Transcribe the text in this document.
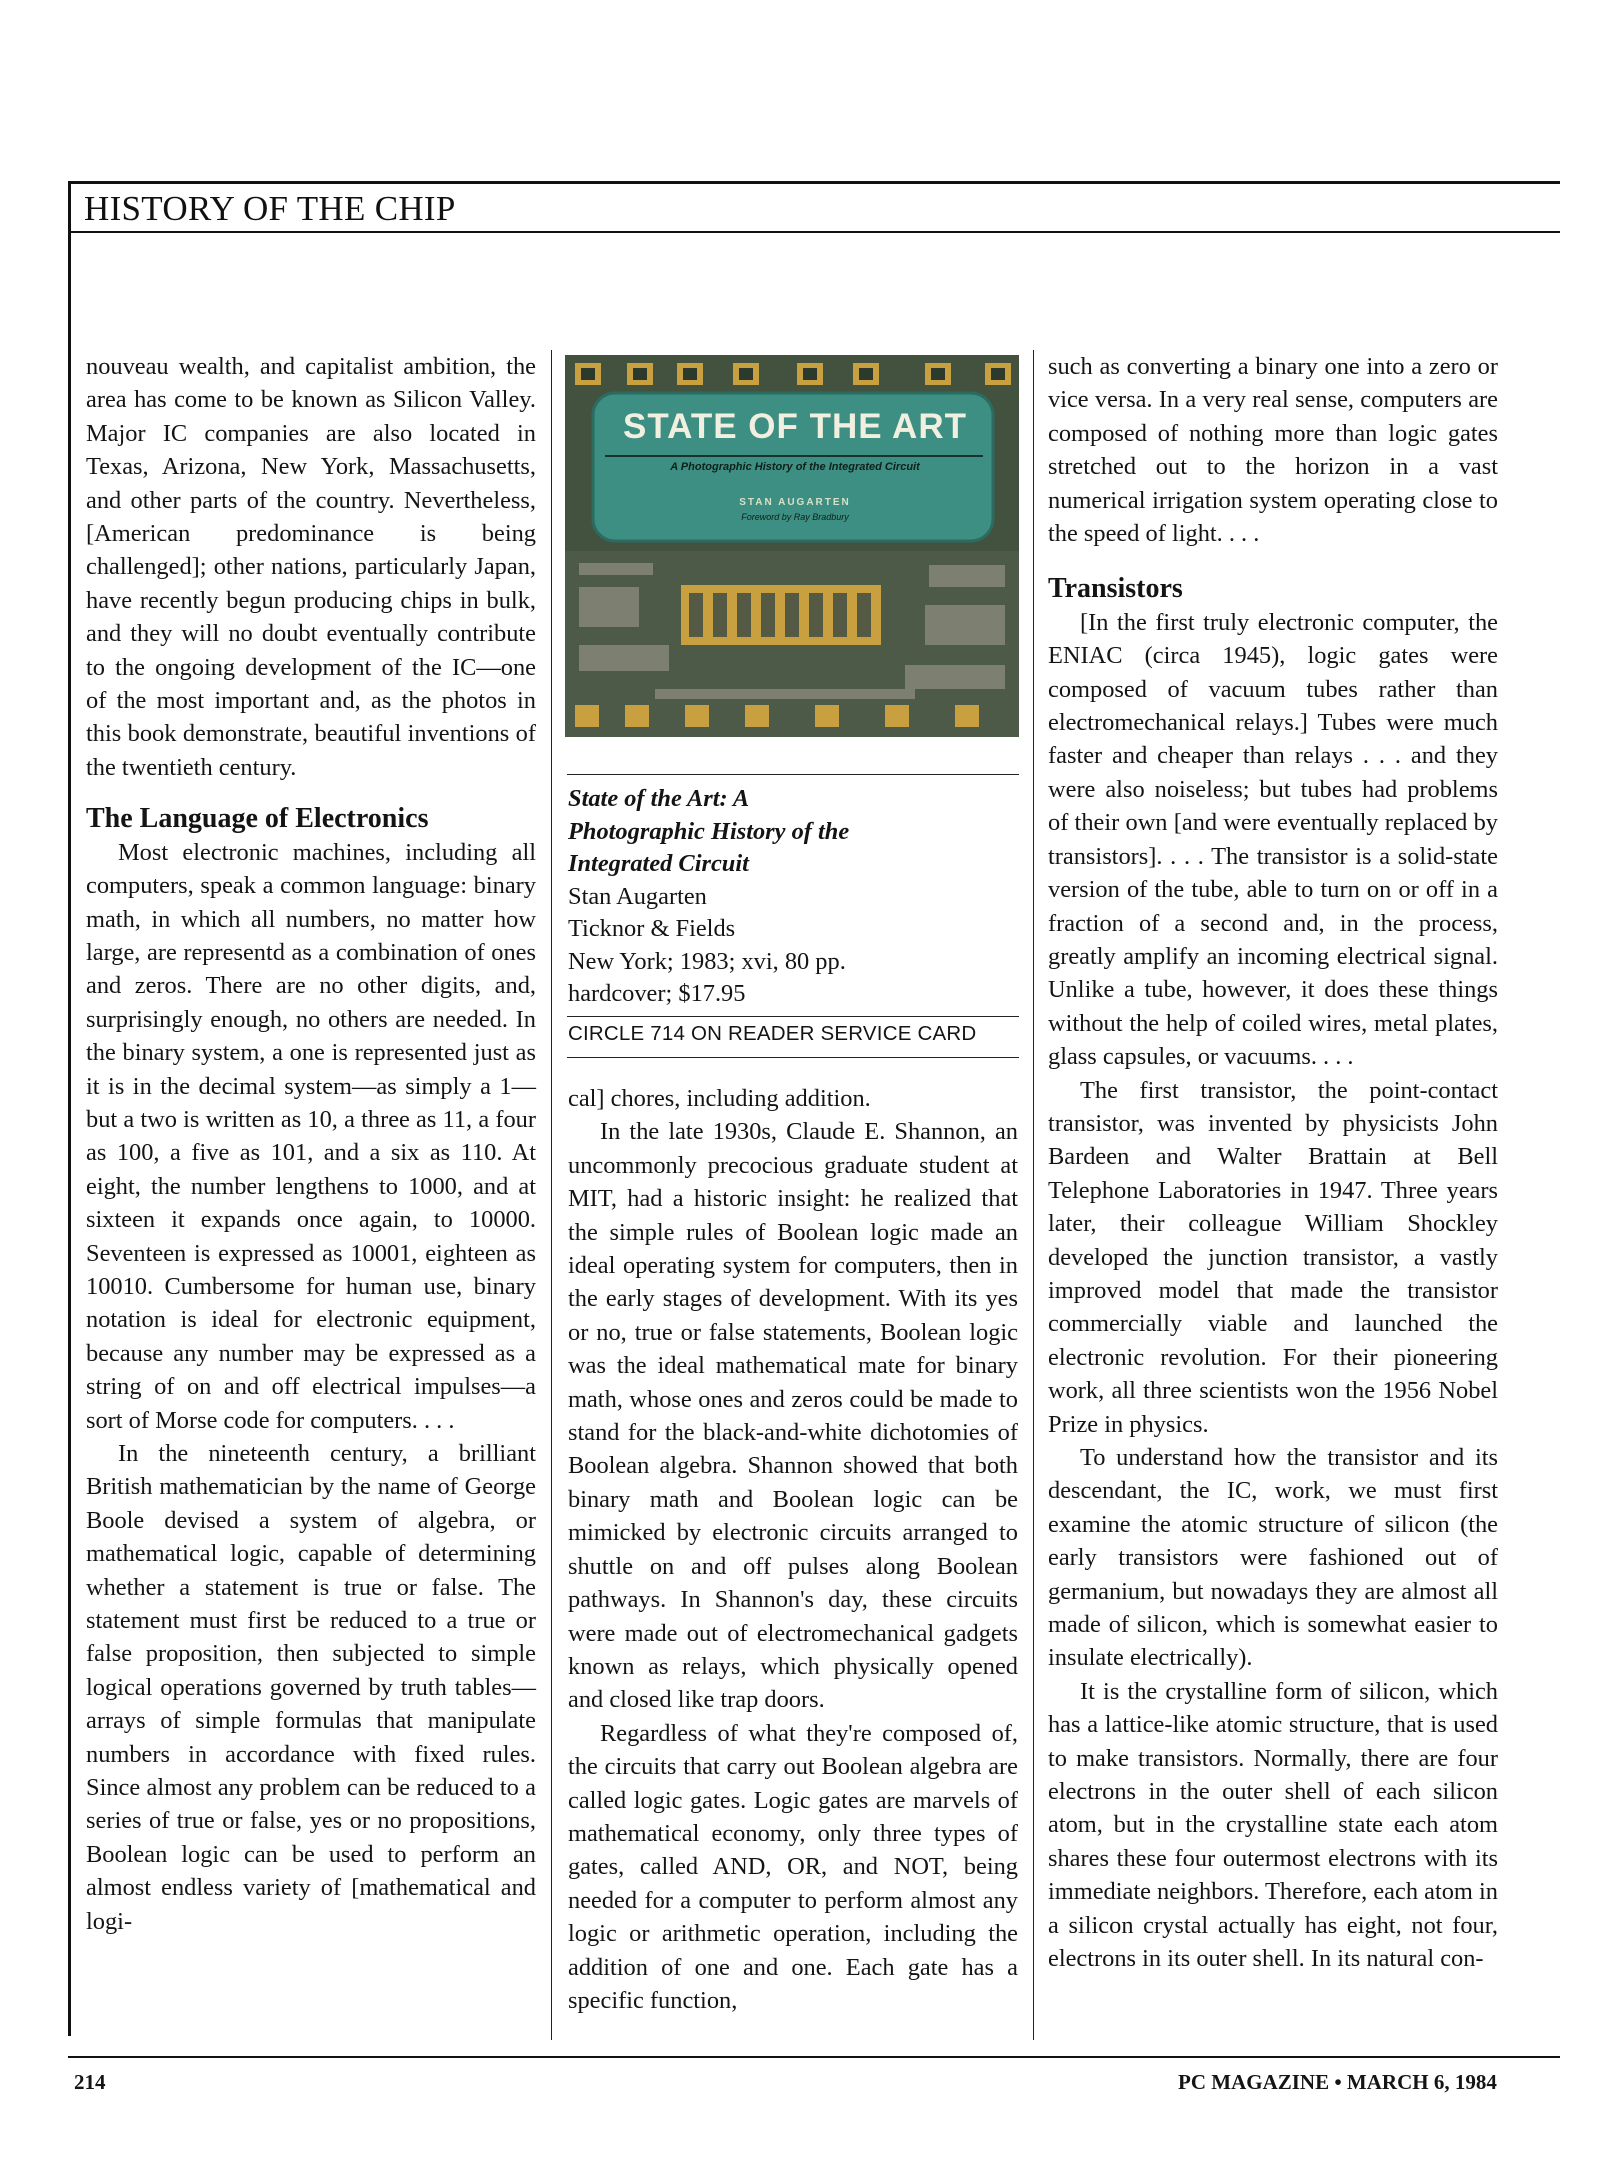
HISTORY OF THE CHIP

nouveau wealth, and capitalist ambition, the area has come to be known as Silicon Valley. Major IC companies are also located in Texas, Arizona, New York, Massachusetts, and other parts of the country. Nevertheless, [American predominance is being challenged]; other nations, particularly Japan, have recently begun producing chips in bulk, and they will no doubt eventually contribute to the ongoing development of the IC—one of the most important and, as the photos in this book demonstrate, beautiful inventions of the twentieth century.

The Language of Electronics

Most electronic machines, including all computers, speak a common language: binary math, in which all numbers, no matter how large, are representd as a combination of ones and zeros. There are no other digits, and, surprisingly enough, no others are needed. In the binary system, a one is represented just as it is in the decimal system—as simply a 1—but a two is written as 10, a three as 11, a four as 100, a five as 101, and a six as 110. At eight, the number lengthens to 1000, and at sixteen it expands once again, to 10000. Seventeen is expressed as 10001, eighteen as 10010. Cumbersome for human use, binary notation is ideal for electronic equipment, because any number may be expressed as a string of on and off electrical impulses—a sort of Morse code for computers. . . .

In the nineteenth century, a brilliant British mathematician by the name of George Boole devised a system of algebra, or mathematical logic, capable of determining whether a statement is true or false. The statement must first be reduced to a true or false proposition, then subjected to simple logical operations governed by truth tables—arrays of simple formulas that manipulate numbers in accordance with fixed rules. Since almost any problem can be reduced to a series of true or false, yes or no propositions, Boolean logic can be used to perform an almost endless variety of [mathematical and logi-

STATE OF THE ART
A Photographic History of the Integrated Circuit
STAN AUGARTEN
Foreword by Ray Bradbury
State of the Art: A
Photographic History of the
Integrated Circuit
Stan Augarten
Ticknor & Fields
New York; 1983; xvi, 80 pp.
hardcover; $17.95
CIRCLE 714 ON READER SERVICE CARD

cal] chores, including addition.

In the late 1930s, Claude E. Shannon, an uncommonly precocious graduate student at MIT, had a historic insight: he realized that the simple rules of Boolean logic made an ideal operating system for computers, then in the early stages of development. With its yes or no, true or false statements, Boolean logic was the ideal mathematical mate for binary math, whose ones and zeros could be made to stand for the black-and-white dichotomies of Boolean algebra. Shannon showed that both binary math and Boolean logic can be mimicked by electronic circuits arranged to shuttle on and off pulses along Boolean pathways. In Shannon's day, these circuits were made out of electromechanical gadgets known as relays, which physically opened and closed like trap doors.

Regardless of what they're composed of, the circuits that carry out Boolean algebra are called logic gates. Logic gates are marvels of mathematical economy, only three types of gates, called AND, OR, and NOT, being needed for a computer to perform almost any logic or arithmetic operation, including the addition of one and one. Each gate has a specific function,

such as converting a binary one into a zero or vice versa. In a very real sense, computers are composed of nothing more than logic gates stretched out to the horizon in a vast numerical irrigation system operating close to the speed of light. . . .

Transistors

[In the first truly electronic computer, the ENIAC (circa 1945), logic gates were composed of vacuum tubes rather than electromechanical relays.] Tubes were much faster and cheaper than relays . . . and they were also noiseless; but tubes had problems of their own [and were eventually replaced by transistors]. . . . The transistor is a solid-state version of the tube, able to turn on or off in a fraction of a second and, in the process, greatly amplify an incoming electrical signal. Unlike a tube, however, it does these things without the help of coiled wires, metal plates, glass capsules, or vacuums. . . .

The first transistor, the point-contact transistor, was invented by physicists John Bardeen and Walter Brattain at Bell Telephone Laboratories in 1947. Three years later, their colleague William Shockley developed the junction transistor, a vastly improved model that made the transistor commercially viable and launched the electronic revolution. For their pioneering work, all three scientists won the 1956 Nobel Prize in physics.

To understand how the transistor and its descendant, the IC, work, we must first examine the atomic structure of silicon (the early transistors were fashioned out of germanium, but nowadays they are almost all made of silicon, which is somewhat easier to insulate electrically).

It is the crystalline form of silicon, which has a lattice-like atomic structure, that is used to make transistors. Normally, there are four electrons in the outer shell of each silicon atom, but in the crystalline state each atom shares these four outermost electrons with its immediate neighbors. Therefore, each atom in a silicon crystal actually has eight, not four, electrons in its outer shell. In its natural con-

214	PC MAGAZINE • MARCH 6, 1984
